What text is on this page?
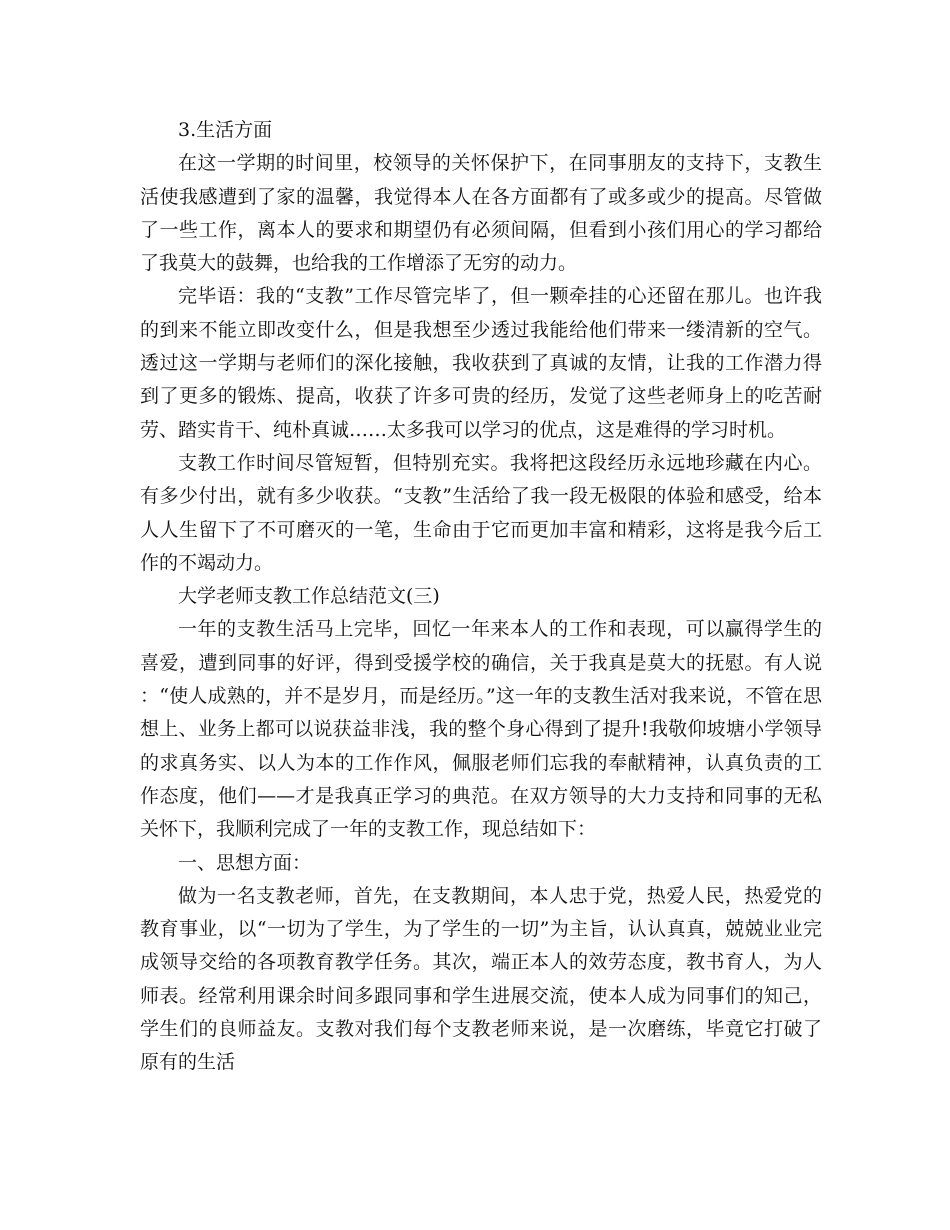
3.生活方面

在这一学期的时间里，校领导的关怀保护下，在同事朋友的支持下，支教生活使我感遭到了家的温馨，我觉得本人在各方面都有了或多或少的提高。尽管做了一些工作，离本人的要求和期望仍有必须间隔，但看到小孩们用心的学习都给了我莫大的鼓舞，也给我的工作增添了无穷的动力。

完毕语：我的“支教”工作尽管完毕了，但一颗牵挂的心还留在那儿。也许我的到来不能立即改变什么，但是我想至少透过我能给他们带来一缕清新的空气。透过这一学期与老师们的深化接触，我收获到了真诚的友情，让我的工作潜力得到了更多的锻炼、提高，收获了许多可贵的经历，发觉了这些老师身上的吃苦耐劳、踏实肯干、纯朴真诚……太多我可以学习的优点，这是难得的学习时机。

支教工作时间尽管短暂，但特别充实。我将把这段经历永远地珍藏在内心。有多少付出，就有多少收获。“支教”生活给了我一段无极限的体验和感受，给本人人生留下了不可磨灭的一笔，生命由于它而更加丰富和精彩，这将是我今后工作的不竭动力。

大学老师支教工作总结范文(三)

一年的支教生活马上完毕，回忆一年来本人的工作和表现，可以赢得学生的喜爱，遭到同事的好评，得到受援学校的确信，关于我真是莫大的抚慰。有人说：“使人成熟的，并不是岁月，而是经历。”这一年的支教生活对我来说，不管在思想上、业务上都可以说获益非浅，我的整个身心得到了提升!我敬仰坡塘小学领导的求真务实、以人为本的工作作风，佩服老师们忘我的奉献精神，认真负责的工作态度，他们——才是我真正学习的典范。在双方领导的大力支持和同事的无私关怀下，我顺利完成了一年的支教工作，现总结如下：

一、思想方面：

做为一名支教老师，首先，在支教期间，本人忠于党，热爱人民，热爱党的教育事业，以“一切为了学生，为了学生的一切”为主旨，认认真真，兢兢业业完成领导交给的各项教育教学任务。其次，端正本人的效劳态度，教书育人，为人师表。经常利用课余时间多跟同事和学生进展交流，使本人成为同事们的知己，学生们的良师益友。支教对我们每个支教老师来说，是一次磨练，毕竟它打破了原有的生活
